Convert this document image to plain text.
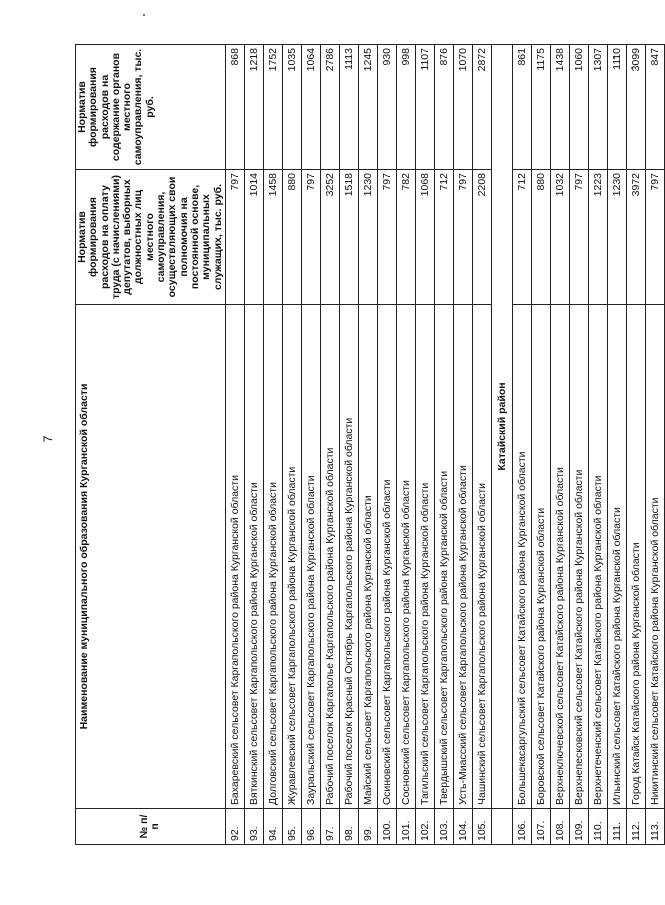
7
№ п/п	Наименование муниципального образования Курганской области	Норматив формирования расходов на оплату труда (с начислениями) депутатов, выборных должностных лиц местного самоуправления, осуществляющих свои полномочия на постоянной основе, муниципальных служащих, тыс. руб.	Норматив формирования расходов на содержание органов местного самоуправления, тыс. руб.
92.	Бахаревский сельсовет Каргапольского района Курганской области	797	868
93.	Вяткинский сельсовет Каргапольского района Курганской области	1014	1218
94.	Долговский сельсовет Каргапольского района Курганской области	1458	1752
95.	Журавлевский сельсовет Каргапольского района Курганской области	880	1035
96.	Зауральский сельсовет Каргапольского района Курганской области	797	1064
97.	Рабочий поселок Каргаполье Каргапольского района Курганской области	3252	2786
98.	Рабочий поселок Красный Октябрь Каргапольского района Курганской области	1518	1113
99.	Майский сельсовет Каргапольского района Курганской области	1230	1245
100.	Осиновский сельсовет Каргапольского района Курганской области	797	930
101.	Сосновский сельсовет Каргапольского района Курганской области	782	998
102.	Тагильский сельсовет Каргапольского района Курганской области	1068	1107
103.	Твердышский сельсовет Каргапольского района Курганской области	712	876
104.	Усть-Миасский сельсовет Каргапольского района Курганской области	797	1070
105.	Чашинский сельсовет Каргапольского района Курганской области	2208	2872
	Катайский район		
106.	Большекасаргульский сельсовет Катайского района Курганской области	712	861
107.	Боровской сельсовет Катайского района Курганской области	880	1175
108.	Верхнеключевской сельсовет Катайского района Курганской области	1032	1438
109.	Верхнепесковский сельсовет Катайского района Курганской области	797	1060
110.	Верхнетеченский сельсовет Катайского района Курганской области	1223	1307
111.	Ильинский сельсовет Катайского района Курганской области	1230	1110
112.	Город Катайск Катайского района Курганской области	3972	3099
113.	Никитинский сельсовет Катайского района Курганской области	797	847
